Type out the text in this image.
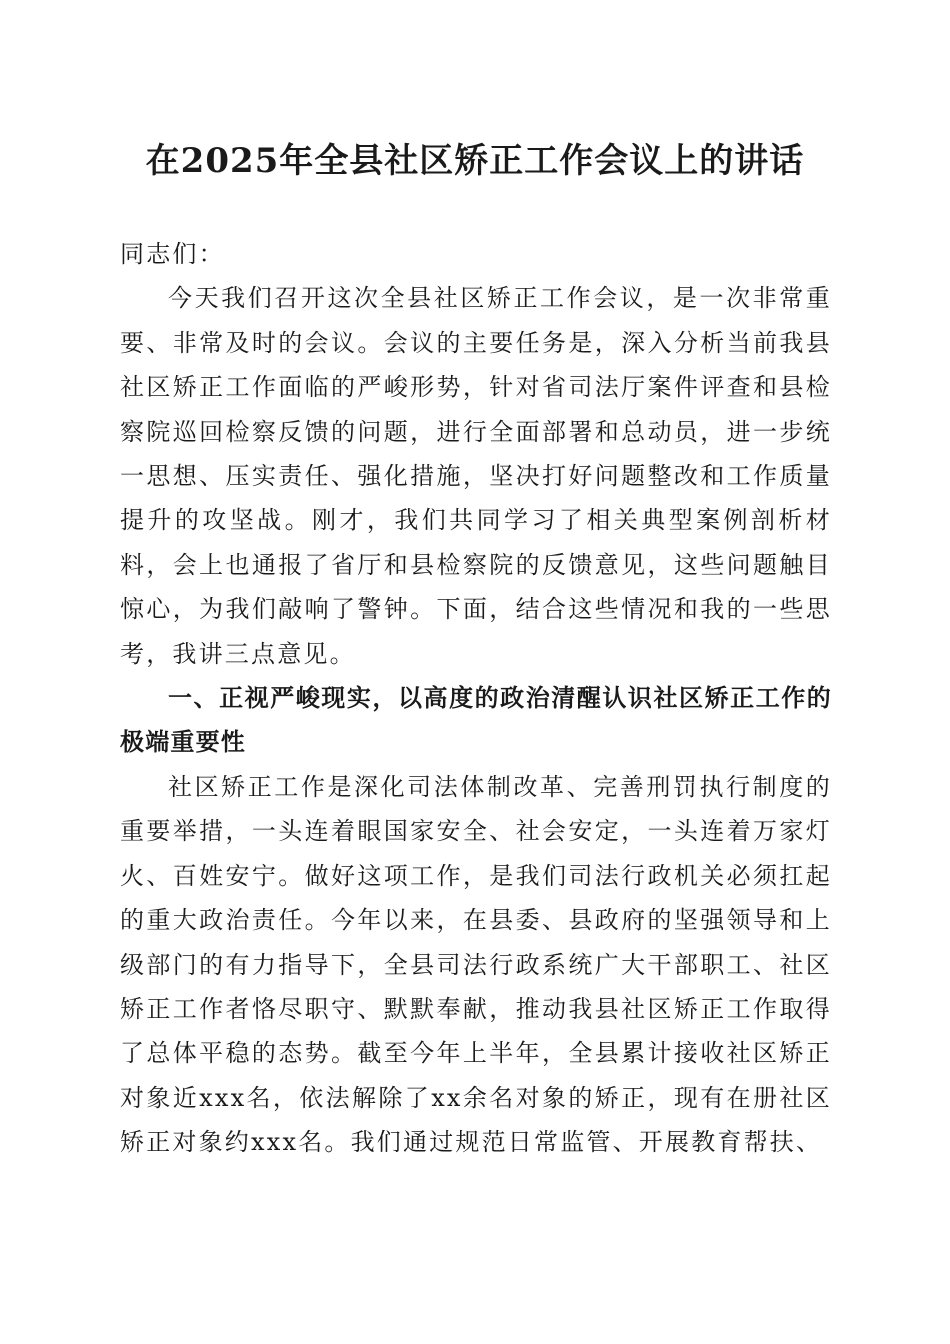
在2025年全县社区矫正工作会议上的讲话

同志们：

今天我们召开这次全县社区矫正工作会议，是一次非常重要、非常及时的会议。会议的主要任务是，深入分析当前我县社区矫正工作面临的严峻形势，针对省司法厅案件评查和县检察院巡回检察反馈的问题，进行全面部署和总动员，进一步统一思想、压实责任、强化措施，坚决打好问题整改和工作质量提升的攻坚战。刚才，我们共同学习了相关典型案例剖析材料，会上也通报了省厅和县检察院的反馈意见，这些问题触目惊心，为我们敲响了警钟。下面，结合这些情况和我的一些思考，我讲三点意见。

一、正视严峻现实，以高度的政治清醒认识社区矫正工作的极端重要性

社区矫正工作是深化司法体制改革、完善刑罚执行制度的重要举措，一头连着眼国家安全、社会安定，一头连着万家灯火、百姓安宁。做好这项工作，是我们司法行政机关必须扛起的重大政治责任。今年以来，在县委、县政府的坚强领导和上级部门的有力指导下，全县司法行政系统广大干部职工、社区矫正工作者恪尽职守、默默奉献，推动我县社区矫正工作取得了总体平稳的态势。截至今年上半年，全县累计接收社区矫正对象近xxx名，依法解除了xx余名对象的矫正，现有在册社区矫正对象约xxx名。我们通过规范日常监管、开展教育帮扶、
